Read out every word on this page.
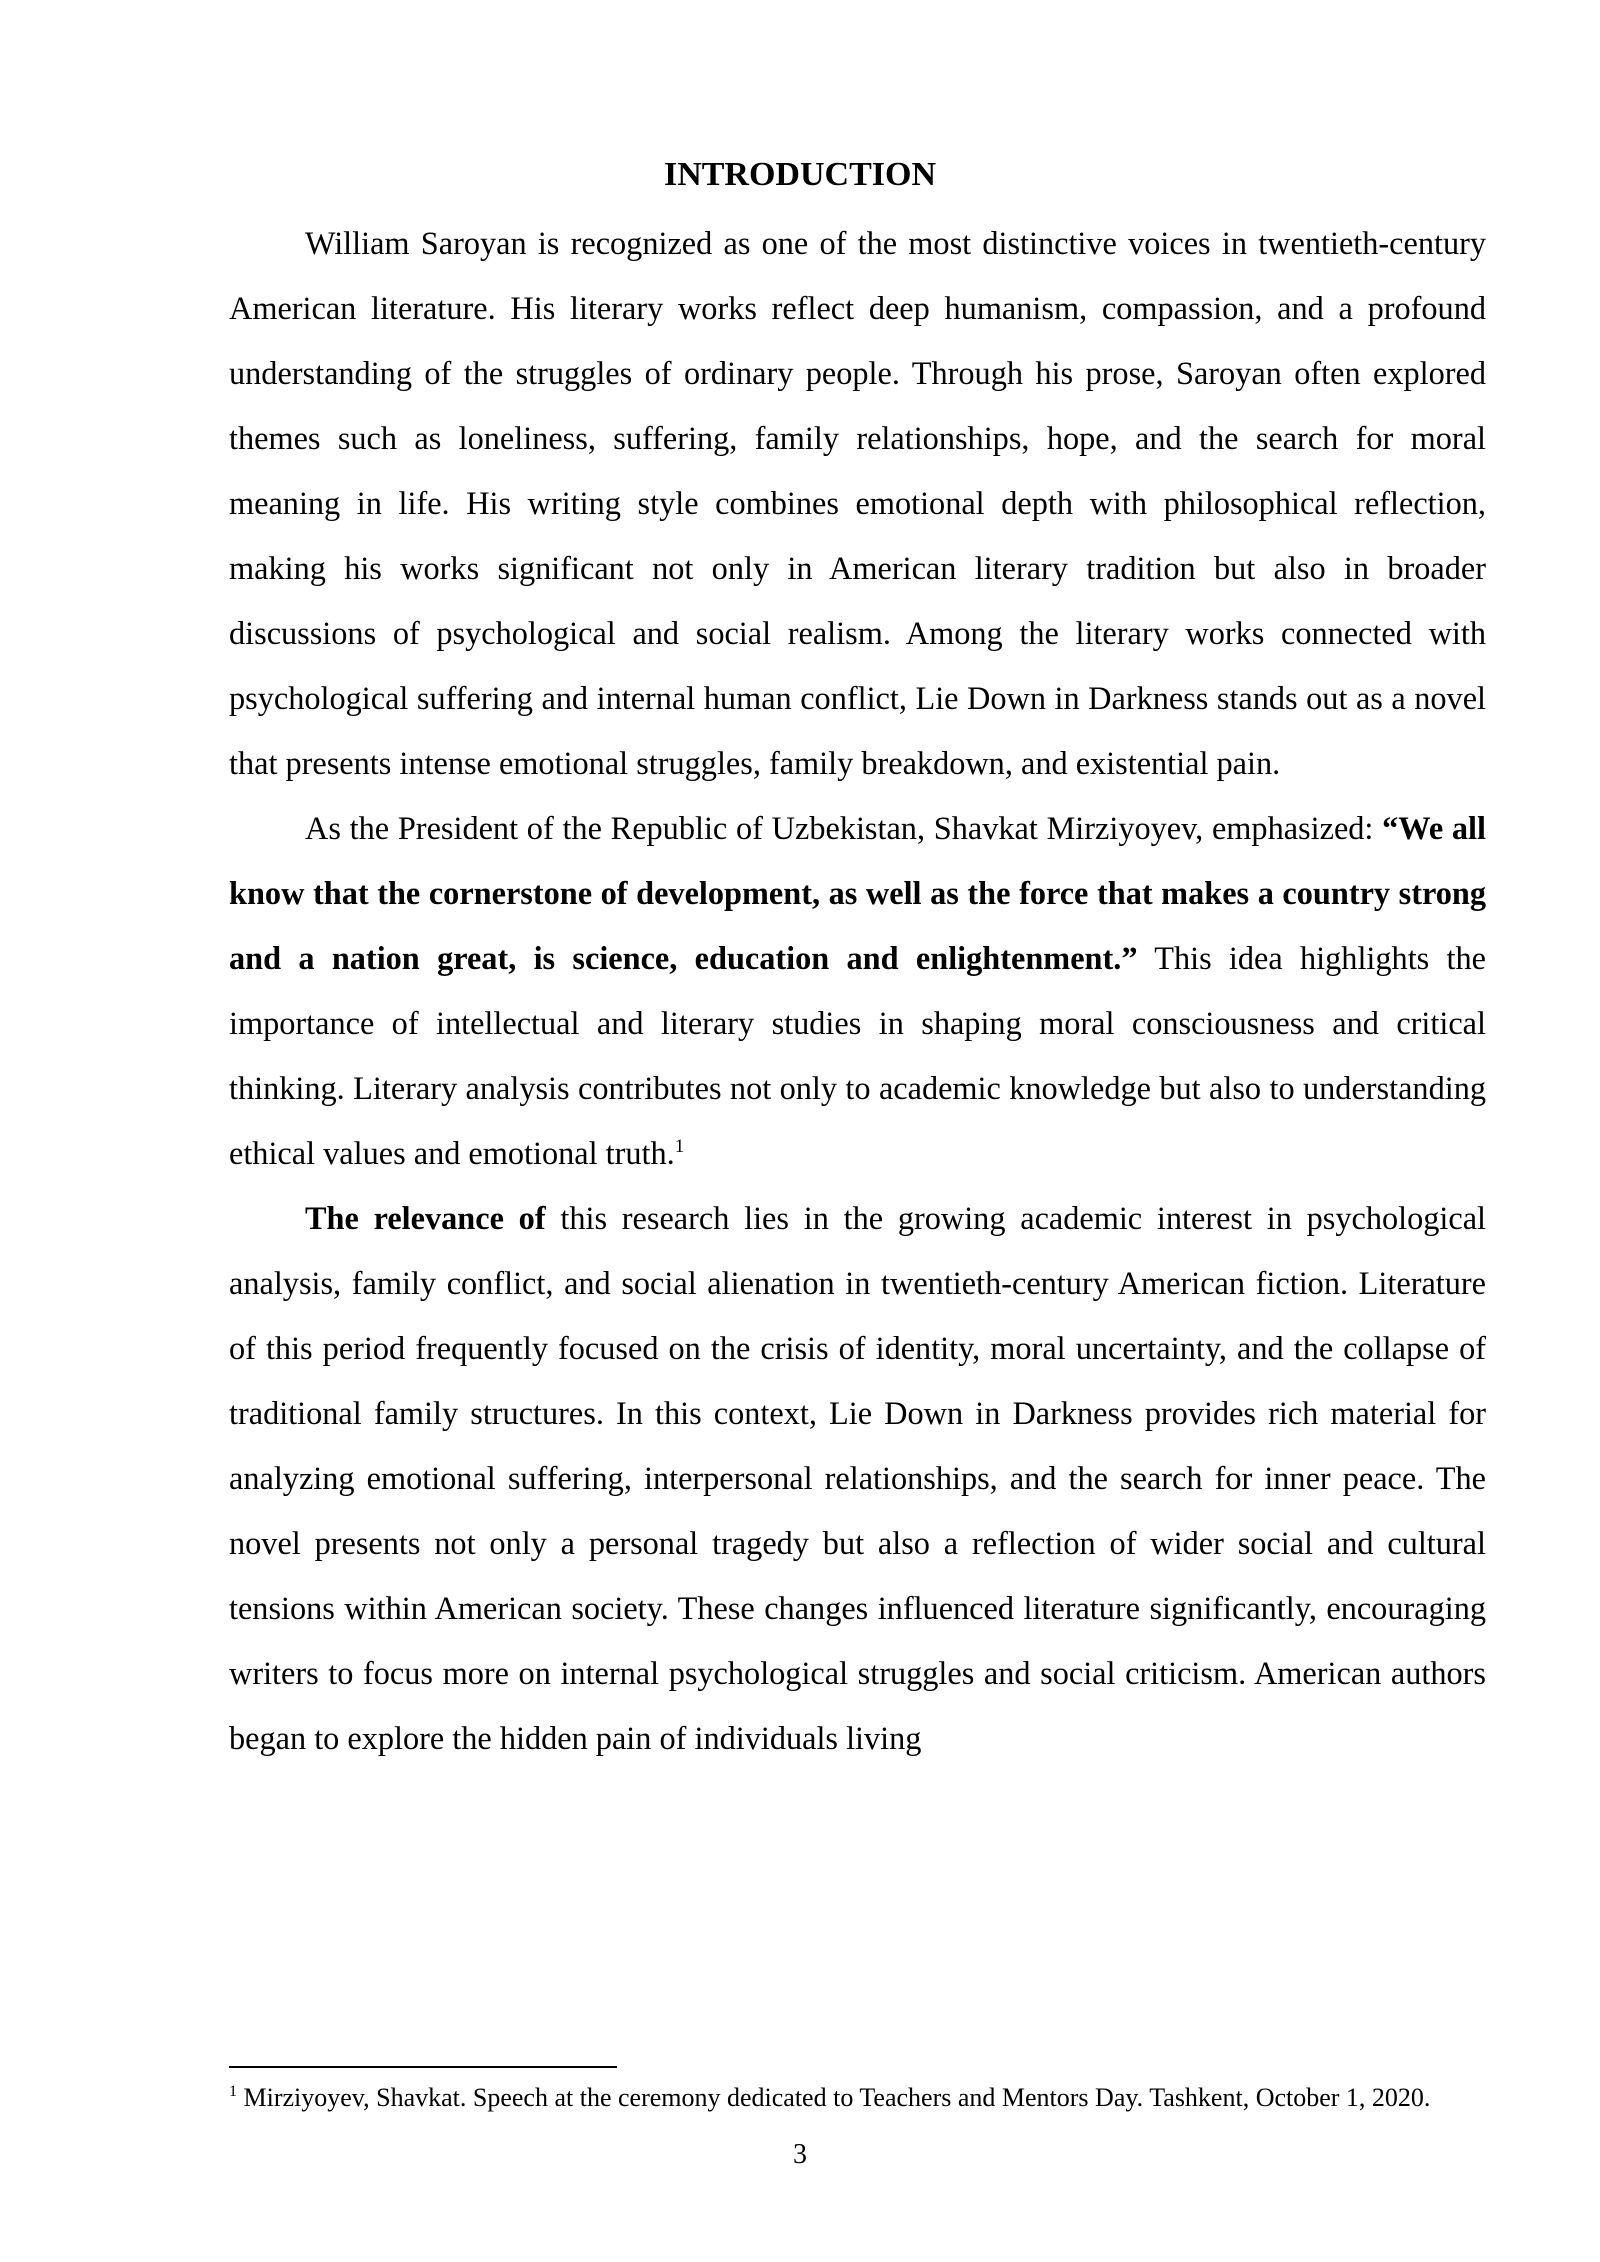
INTRODUCTION

William Saroyan is recognized as one of the most distinctive voices in twentieth-century American literature. His literary works reflect deep humanism, compassion, and a profound understanding of the struggles of ordinary people. Through his prose, Saroyan often explored themes such as loneliness, suffering, family relationships, hope, and the search for moral meaning in life. His writing style combines emotional depth with philosophical reflection, making his works significant not only in American literary tradition but also in broader discussions of psychological and social realism. Among the literary works connected with psychological suffering and internal human conflict, Lie Down in Darkness stands out as a novel that presents intense emotional struggles, family breakdown, and existential pain.

As the President of the Republic of Uzbekistan, Shavkat Mirziyoyev, emphasized: “We all know that the cornerstone of development, as well as the force that makes a country strong and a nation great, is science, education and enlightenment.” This idea highlights the importance of intellectual and literary studies in shaping moral consciousness and critical thinking. Literary analysis contributes not only to academic knowledge but also to understanding ethical values and emotional truth.$^1$

The relevance of this research lies in the growing academic interest in psychological analysis, family conflict, and social alienation in twentieth-century American fiction. Literature of this period frequently focused on the crisis of identity, moral uncertainty, and the collapse of traditional family structures. In this context, Lie Down in Darkness provides rich material for analyzing emotional suffering, interpersonal relationships, and the search for inner peace. The novel presents not only a personal tragedy but also a reflection of wider social and cultural tensions within American society. These changes influenced literature significantly, encouraging writers to focus more on internal psychological struggles and social criticism. American authors began to explore the hidden pain of individuals living

$^1$ Mirziyoyev, Shavkat. Speech at the ceremony dedicated to Teachers and Mentors Day. Tashkent, October 1, 2020.
3
